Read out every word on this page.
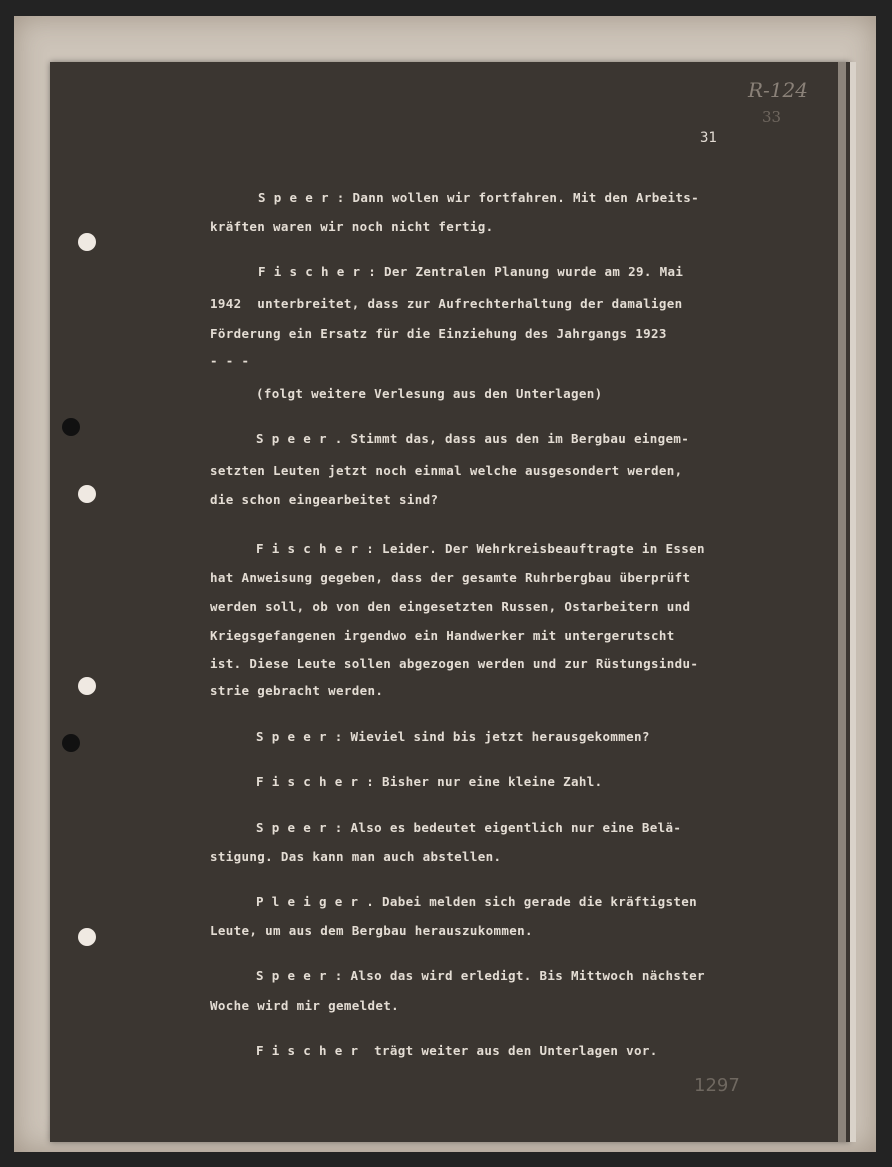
R-124
33
31
S p e e r : Dann wollen wir fortfahren. Mit den Arbeits-
kräften waren wir noch nicht fertig.
F i s c h e r : Der Zentralen Planung wurde am 29. Mai
1942  unterbreitet, dass zur Aufrechterhaltung der damaligen
Förderung ein Ersatz für die Einziehung des Jahrgangs 1923
- - -
(folgt weitere Verlesung aus den Unterlagen)
S p e e r . Stimmt das, dass aus den im Bergbau eingem-
setzten Leuten jetzt noch einmal welche ausgesondert werden,
die schon eingearbeitet sind?
F i s c h e r : Leider. Der Wehrkreisbeauftragte in Essen
hat Anweisung gegeben, dass der gesamte Ruhrbergbau überprüft
werden soll, ob von den eingesetzten Russen, Ostarbeitern und
Kriegsgefangenen irgendwo ein Handwerker mit untergerutscht
ist. Diese Leute sollen abgezogen werden und zur Rüstungsindu-
strie gebracht werden.
S p e e r : Wieviel sind bis jetzt herausgekommen?
F i s c h e r : Bisher nur eine kleine Zahl.
S p e e r : Also es bedeutet eigentlich nur eine Belä-
stigung. Das kann man auch abstellen.
P l e i g e r . Dabei melden sich gerade die kräftigsten
Leute, um aus dem Bergbau herauszukommen.
S p e e r : Also das wird erledigt. Bis Mittwoch nächster
Woche wird mir gemeldet.
F i s c h e r  trägt weiter aus den Unterlagen vor.
1297
